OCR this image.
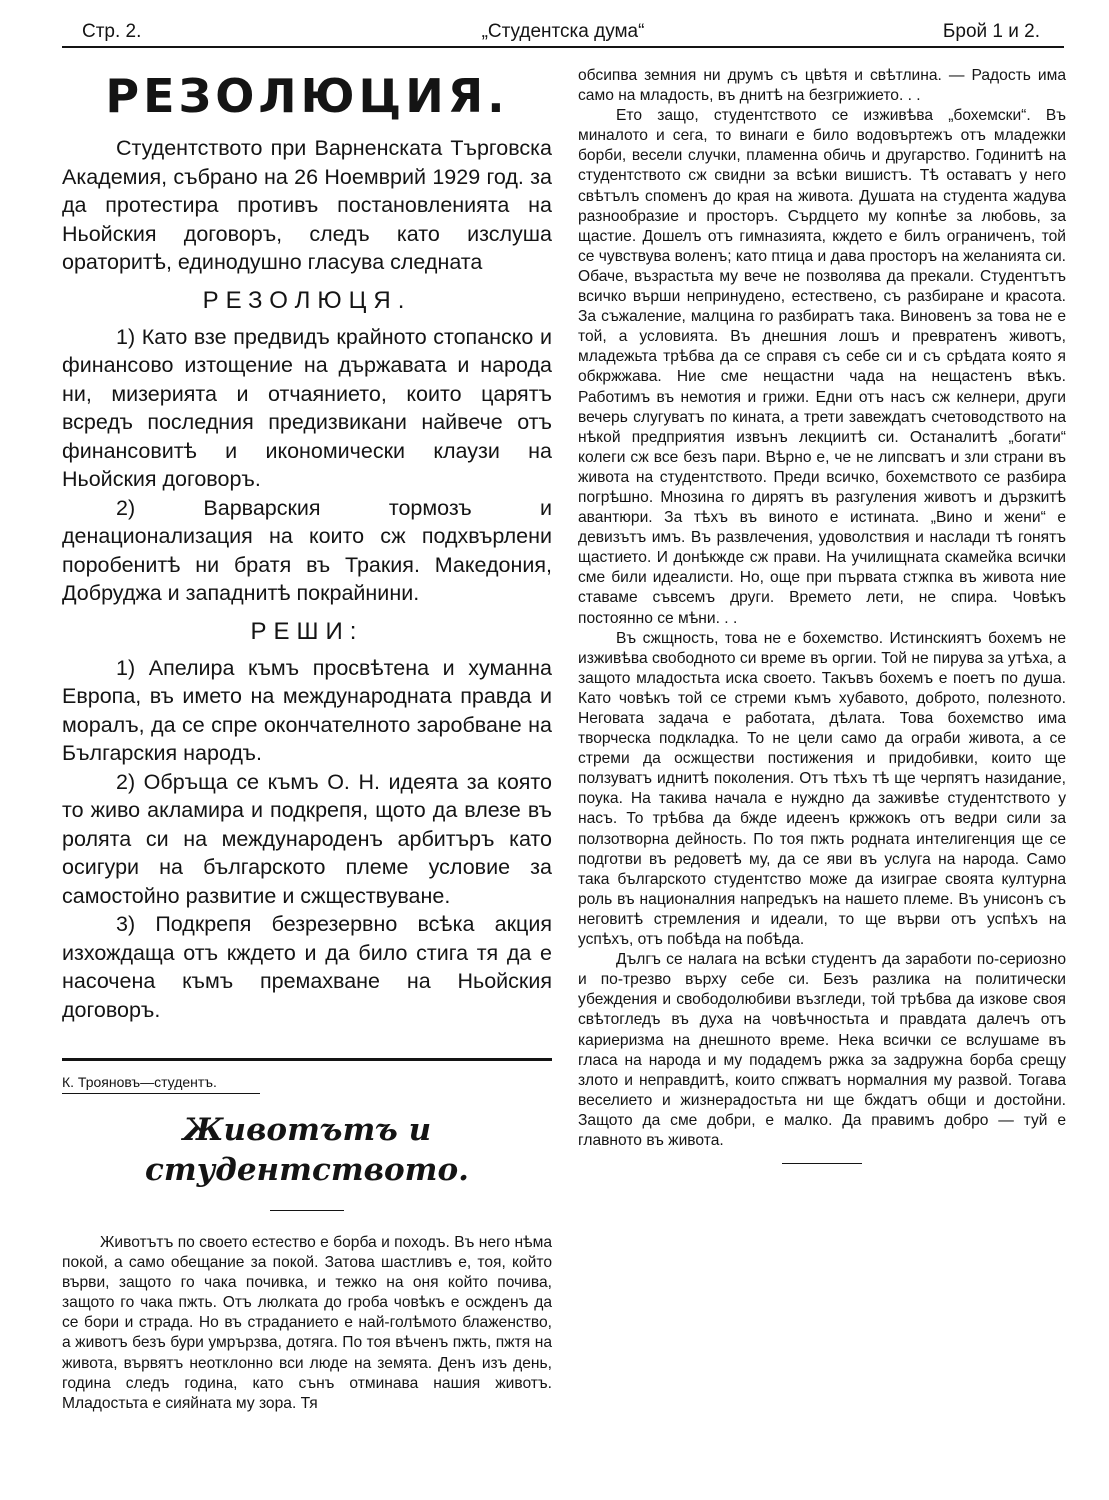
Стр. 2.	„Студентска дума“	Брой 1 и 2.
РЕЗОЛЮЦИЯ.

Студентството при Варненската Търговска Академия, събрано на 26 Ноемврий 1929 год. за да протестира противъ постановленията на Ньойския договоръ, следъ като изслуша ораторитѣ, единодушно гласува следната

РЕЗОЛЮЦЯ.

1) Като взе предвидъ крайното стопанско и финансово изтощение на държавата и народа ни, мизерията и отчаянието, които царятъ всредъ последния предизвикани найвече отъ финансовитѣ и икономически клаузи на Ньойския договоръ.

2) Варварския тормозъ и денационализация на които сж подхвърлени поробенитѣ ни братя въ Тракия. Македония, Добруджа и западнитѣ покрайнини.

РЕШИ:

1) Апелира къмъ просвѣтена и хуманна Европа, въ името на международната правда и моралъ, да се спре окончателното заробване на Българския народъ.

2) Обръща се къмъ О. Н. идеята за която то живо акламира и подкрепя, щото да влезе въ ролята си на международенъ арбитъръ като осигури на българското племе условие за самостойно развитие и сжществуване.

3) Подкрепя безрезервно всѣка акция изхождаща отъ кждето и да било стига тя да е насочена къмъ премахване на Ньойския договоръ.

К. Трояновъ—студентъ.
Животътъ и студентството.

Животътъ по своето естество е борба и походъ. Въ него нѣма покой, а само обещание за покой. Затова шастливъ е, тоя, който върви, защото го чака почивка, и тежко на оня който почива, защото го чака пжть. Отъ люлката до гроба човѣкъ е осжденъ да се бори и страда. Но въ страданието е най-голѣмото блаженство, а животъ безъ бури умрързва, дотяга. По тоя вѣченъ пжть, пжтя на живота, вървятъ неотклонно вси люде на земята. Денъ изъ день, година следъ година, като сънъ отминава нашия животъ. Младостьта е сияйната му зора. Тя

обсипва земния ни друмъ съ цвѣтя и свѣтлина. — Радость има само на младость, въ днитѣ на безгрижието. . .

Ето защо, студентството се изживѣва „бохемски“. Въ миналото и сега, то винаги е било водовъртежъ отъ младежки борби, весели случки, пламенна обичь и другарство. Годинитѣ на студентството сж свидни за всѣки вишистъ. Тѣ оставатъ у него свѣтълъ споменъ до края на живота. Душата на студента жадува разнообразие и просторъ. Сърдцето му копнѣе за любовь, за щастие. Дошелъ отъ гимназията, кждето е билъ ограниченъ, той се чувствува воленъ; като птица и дава просторъ на желанията си. Обаче, възрастьта му вече не позволява да прекали. Студентътъ всичко върши непринудено, естествено, съ разбиране и красота. За съжаление, малцина го разбиратъ така. Виновенъ за това не е той, а условията. Въ днешния лошъ и превратенъ животъ, младежьта трѣбва да се справя съ себе си и съ срѣдата която я обкржжава. Ние сме нещастни чада на нещастенъ вѣкъ. Работимъ въ немотия и грижи. Едни отъ насъ сж келнери, други вечерь слугуватъ по кината, а трети завеждатъ счетоводството на нѣкой предприятия извънъ лекциитѣ си. Останалитѣ „богати“ колеги сж все безъ пари. Вѣрно е, че не липсватъ и зли страни въ живота на студентството. Преди всичко, бохемството се разбира погрѣшно. Мнозина го дирятъ въ разгуления животъ и дързкитѣ авантюри. За тѣхъ въ виното е истината. „Вино и жени“ е девизътъ имъ. Въ развлечения, удоволствия и наслади тѣ гонятъ щастието. И донѣкжде сж прави. На училищната скамейка всички сме били идеалисти. Но, още при първата стжпка въ живота ние ставаме съвсемъ други. Времето лети, не спира. Човѣкъ постоянно се мѣни. . .

Въ сжщность, това не е бохемство. Истинскиятъ бохемъ не изживѣва свободното си време въ оргии. Той не пирува за утѣха, а защото младостьта иска своето. Такъвъ бохемъ е поетъ по душа. Като човѣкъ той се стреми къмъ хубавото, доброто, полезното. Неговата задача е работата, дѣлата. Това бохемство има творческа подкладка. То не цели само да ограби живота, а се стреми да осжществи постижения и придобивки, които ще ползуватъ иднитѣ поколения. Отъ тѣхъ тѣ ще черпятъ назидание, поука. На такива начала е нуждно да заживѣе студентството у насъ. То трѣбва да бжде идеенъ кржжокъ отъ ведри сили за ползотворна дейность. По тоя пжть родната интелигенция ще се подготви въ редоветѣ му, да се яви въ услуга на народа. Само така българското студентство може да изиграе своята културна роль въ националния напредъкъ на нашето племе. Въ унисонъ съ неговитѣ стремления и идеали, то ще върви отъ успѣхъ на успѣхъ, отъ побѣда на побѣда.

Дългъ се налага на всѣки студентъ да заработи по-сериозно и по-трезво върху себе си. Безъ разлика на политически убеждения и свободолюбиви възгледи, той трѣбва да изкове своя свѣтогледъ въ духа на човѣчностьта и правдата далечъ отъ кариеризма на днешното време. Нека всички се вслушаме въ гласа на народа и му подадемъ ржка за задружна борба срещу злото и неправдитѣ, които спжватъ нормалния му развой. Тогава веселието и жизнерадостьта ни ще бждатъ общи и достойни. Защото да сме добри, е малко. Да правимъ добро — туй е главното въ живота.
